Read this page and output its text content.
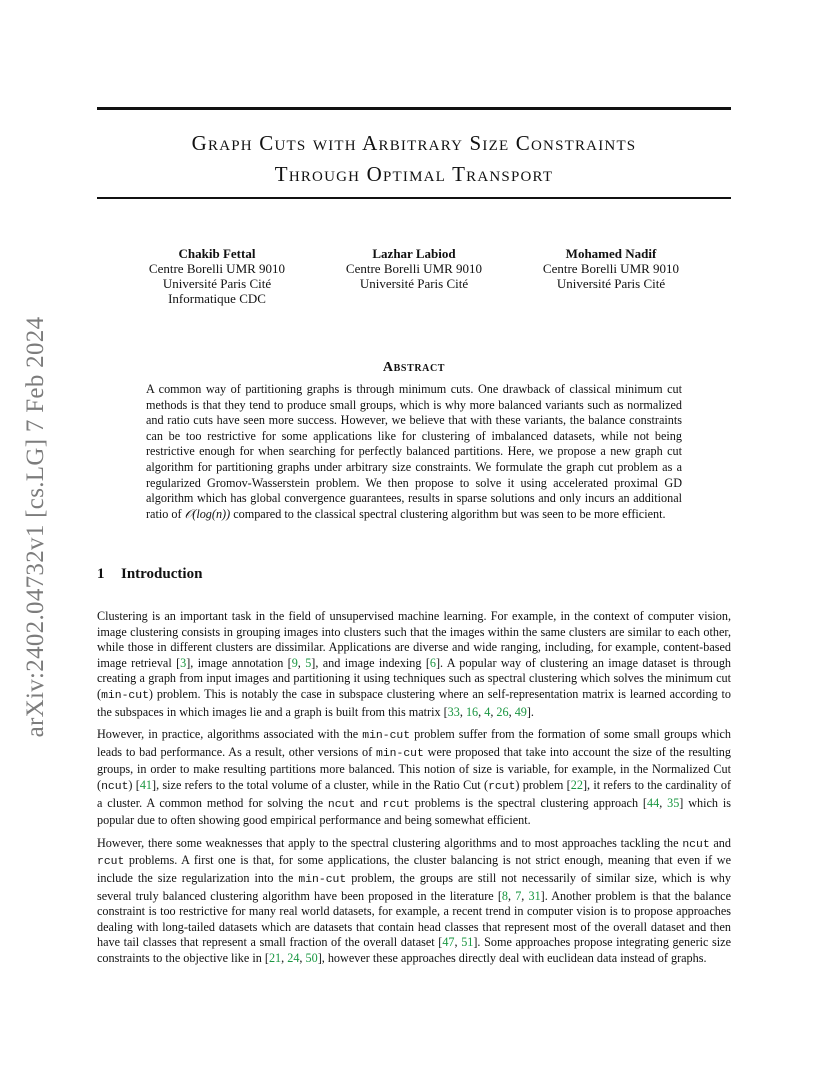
arXiv:2402.04732v1 [cs.LG] 7 Feb 2024
Graph Cuts with Arbitrary Size Constraints
Through Optimal Transport
Chakib Fettal
Centre Borelli UMR 9010
Université Paris Cité
Informatique CDC
Lazhar Labiod
Centre Borelli UMR 9010
Université Paris Cité
Mohamed Nadif
Centre Borelli UMR 9010
Université Paris Cité
Abstract
A common way of partitioning graphs is through minimum cuts. One drawback of classical minimum cut methods is that they tend to produce small groups, which is why more balanced variants such as normalized and ratio cuts have seen more success. However, we believe that with these variants, the balance constraints can be too restrictive for some applications like for clustering of imbalanced datasets, while not being restrictive enough for when searching for perfectly balanced partitions. Here, we propose a new graph cut algorithm for partitioning graphs under arbitrary size constraints. We formulate the graph cut problem as a regularized Gromov-Wasserstein problem. We then propose to solve it using accelerated proximal GD algorithm which has global convergence guarantees, results in sparse solutions and only incurs an additional ratio of 𝒪(log(n)) compared to the classical spectral clustering algorithm but was seen to be more efficient.
1 Introduction

Clustering is an important task in the field of unsupervised machine learning. For example, in the context of computer vision, image clustering consists in grouping images into clusters such that the images within the same clusters are similar to each other, while those in different clusters are dissimilar. Applications are diverse and wide ranging, including, for example, content-based image retrieval [3], image annotation [9, 5], and image indexing [6]. A popular way of clustering an image dataset is through creating a graph from input images and partitioning it using techniques such as spectral clustering which solves the minimum cut (min-cut) problem. This is notably the case in subspace clustering where an self-representation matrix is learned according to the subspaces in which images lie and a graph is built from this matrix [33, 16, 4, 26, 49].

However, in practice, algorithms associated with the min-cut problem suffer from the formation of some small groups which leads to bad performance. As a result, other versions of min-cut were proposed that take into account the size of the resulting groups, in order to make resulting partitions more balanced. This notion of size is variable, for example, in the Normalized Cut (ncut) [41], size refers to the total volume of a cluster, while in the Ratio Cut (rcut) problem [22], it refers to the cardinality of a cluster. A common method for solving the ncut and rcut problems is the spectral clustering approach [44, 35] which is popular due to often showing good empirical performance and being somewhat efficient.

However, there some weaknesses that apply to the spectral clustering algorithms and to most approaches tackling the ncut and rcut problems. A first one is that, for some applications, the cluster balancing is not strict enough, meaning that even if we include the size regularization into the min-cut problem, the groups are still not necessarily of similar size, which is why several truly balanced clustering algorithm have been proposed in the literature [8, 7, 31]. Another problem is that the balance constraint is too restrictive for many real world datasets, for example, a recent trend in computer vision is to propose approaches dealing with long-tailed datasets which are datasets that contain head classes that represent most of the overall dataset and then have tail classes that represent a small fraction of the overall dataset [47, 51]. Some approaches propose integrating generic size constraints to the objective like in [21, 24, 50], however these approaches directly deal with euclidean data instead of graphs.
